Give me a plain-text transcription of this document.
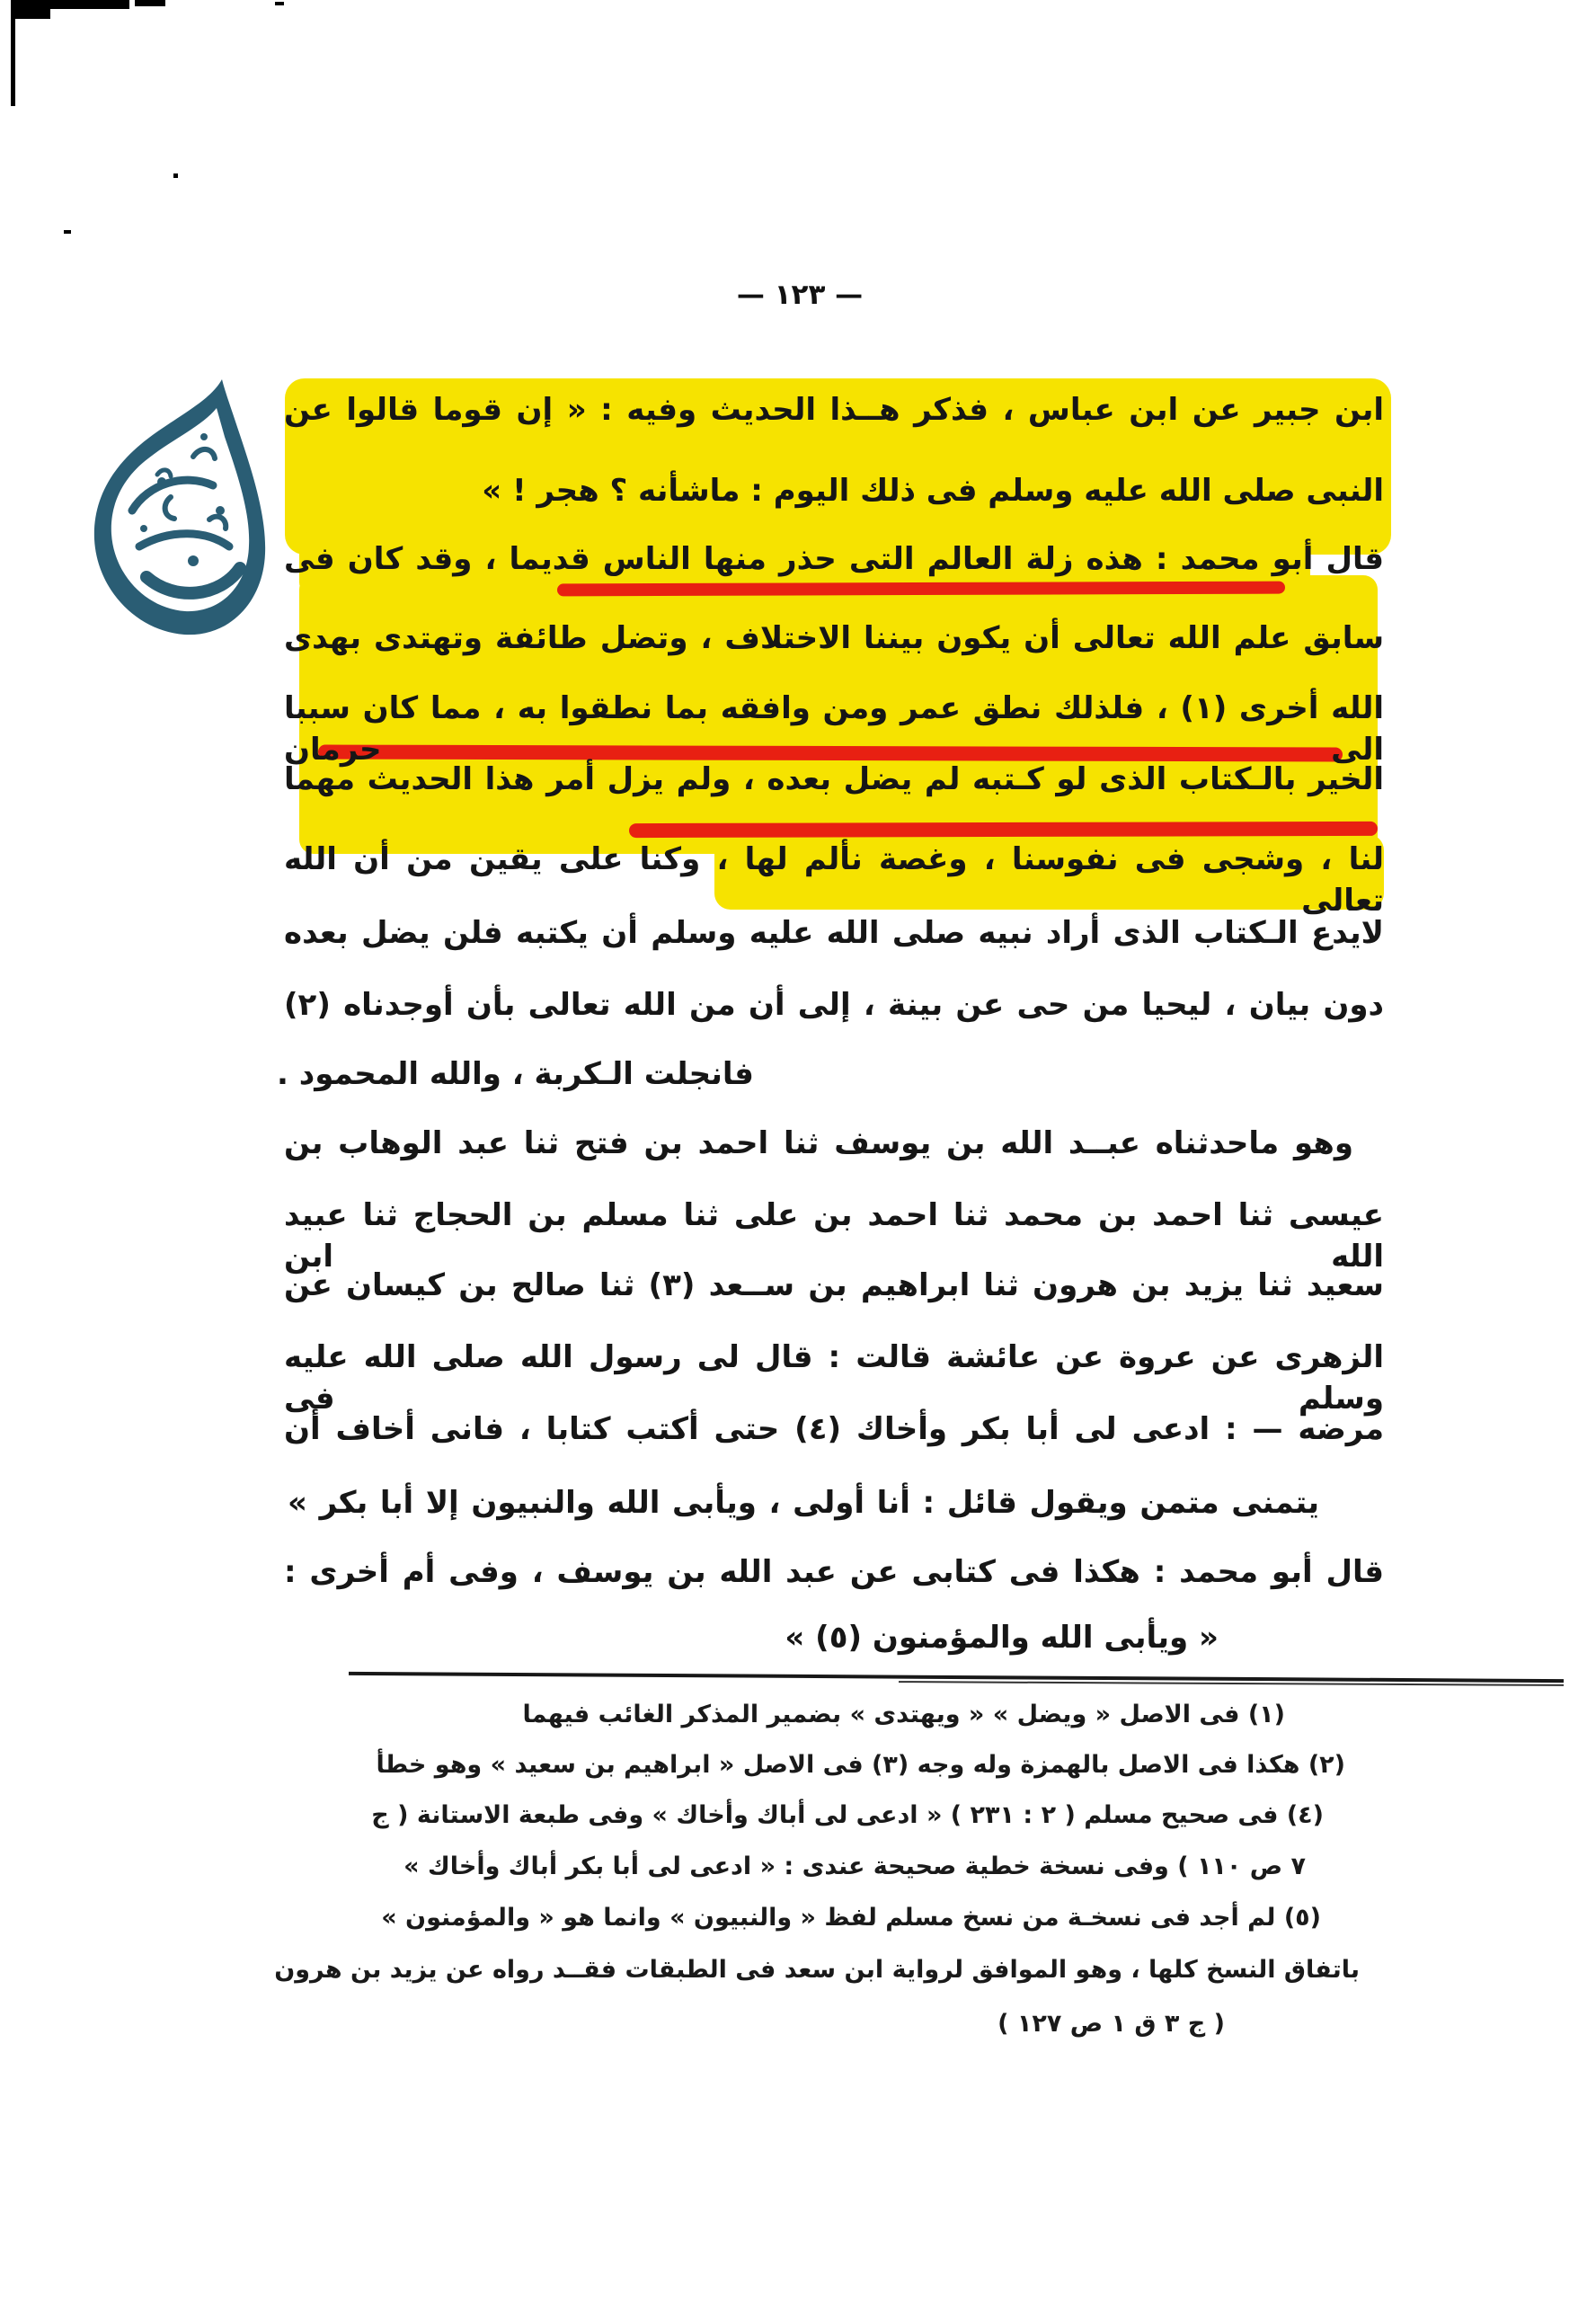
— ١٢٣ —
ابن جبير عن ابن عباس ، فذكر هــذا الحديث وفيه : « إن قوما قالوا عن
النبى صلى الله عليه وسلم فى ذلك اليوم : ماشأنه ؟ هجر ! »
قال أبو محمد : هذه زلة العالم التى حذر منها الناس قديما ، وقد كان فى
سابق علم الله تعالى أن يكون بيننا الاختلاف ، وتضل طائفة وتهتدى بهدى
الله أخرى (١) ، فلذلك نطق عمر ومن وافقه بما نطقوا به ، مما كان سببا الى حرمان
الخير بالـكتاب الذى لو كـتبه لم يضل بعده ، ولم يزل أمر هذا الحديث مهما
لنا ، وشجى فى نفوسنا ، وغصة نألم لها ، وكنا على يقين من أن الله تعالى
لايدع الـكتاب الذى أراد نبيه صلى الله عليه وسلم أن يكتبه فلن يضل بعده
دون بيان ، ليحيا من حى عن بينة ، إلى أن من الله تعالى بأن أوجدناه (٢)
فانجلت الـكربة ، والله المحمود .
وهو ماحدثناه عبــد الله بن يوسف ثنا احمد بن فتح ثنا عبد الوهاب بن
عيسى ثنا احمد بن محمد ثنا احمد بن على ثنا مسلم بن الحجاج ثنا عبيد الله ابن
سعيد ثنا يزيد بن هرون ثنا ابراهيم بن ســعد (٣) ثنا صالح بن كيسان عن
الزهرى عن عروة عن عائشة قالت : قال لى رسول الله صلى الله عليه وسلم فى
مرضه — : ادعى لى أبا بكر وأخاك (٤) حتى أكتب كتابا ، فانى أخاف أن
يتمنى متمن ويقول قائل : أنا أولى ، ويأبى الله والنبيون إلا أبا بكر »
قال أبو محمد : هكذا فى كتابى عن عبد الله بن يوسف ، وفى أم أخرى :
« ويأبى الله والمؤمنون (٥) »
(١) فى الاصل « ويضل » « ويهتدى » بضمير المذكر الغائب فيهما
(٢) هكذا فى الاصل بالهمزة وله وجه (٣) فى الاصل « ابراهيم بن سعيد » وهو خطأ
(٤) فى صحيح مسلم ( ٢ : ٢٣١ ) « ادعى لى أباك وأخاك » وفى طبعة الاستانة ( ج
٧ ص ١١٠ ) وفى نسخة خطية صحيحة عندى : « ادعى لى أبا بكر أباك وأخاك »
(٥) لم أجد فى نسخـة من نسخ مسلم لفظ « والنبيون » وانما هو « والمؤمنون »
باتفاق النسخ كلها ، وهو الموافق لرواية ابن سعد فى الطبقات فقــد رواه عن يزيد بن هرون
( ج ٣ ق ١ ص ١٢٧ )
